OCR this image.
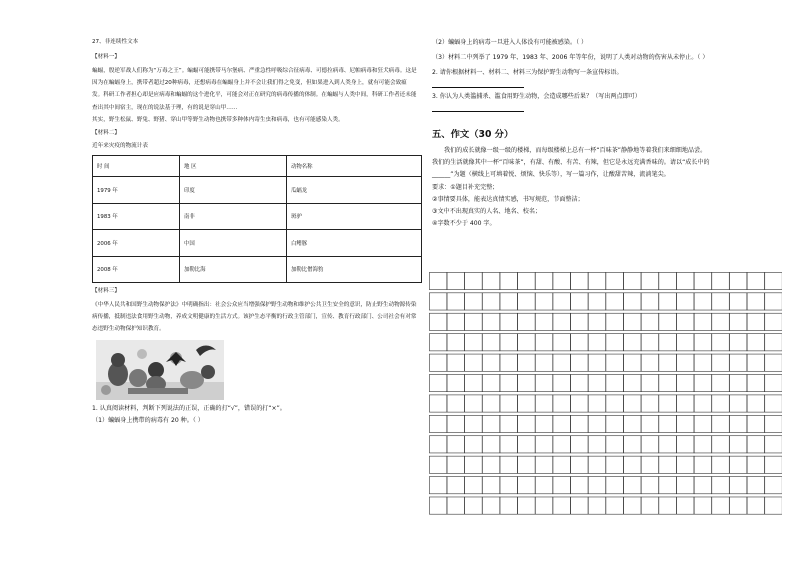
27、非连续性文本
【材料一】
蝙蝠，殷逆军战人们称为“万毒之王”。蝙蝠可能携带马尔堡病、严重急性呼吸综合征病毒、可德拉病毒、尼帕病毒和狂犬病毒。这是因为在蝙蝠身上，携带者超过20种病毒，还想病毒在蝙蝠身上并不会让我们得之免变，但如果进入到人类身上，就有可能会致瘟发。科研工作者担心却是应病毒和蝙蝠的这个进化平，可能会对正在研究的病毒传播的体制。在蝙蝠与人类中间，科研工作者还未能查出其中间宿主，现在的说法基于理，有的说是穿山甲……
其实，野生松鼠、野兔、野猪、穿山甲等野生动物也携带多种体内寄生虫和病毒，也有可能感染人类。
【材料二】
近年来灾疫的物流计表
时 间	地 区	动物名称
1979 年	印度	瓜蝠龙
1983 年	南非	斑驴
2006 年	中国	白鳍豚
2008 年	加勒比海	加勒比僧海豹
【材料三】
《中华人民共和国野生动物保护法》中明确指出：社会公众应当增强保护野生动物和维护公共卫生安全的意识，防止野生动物源传染病传播，抵制违法食用野生动物，养成文明健康的生活方式。该护生态平衡的行政主管部门，宣传、教育行政部门、公司社会有对常态违野生动物保护知识教育。
1. 认真阅读材料，判断下列说法的正误，正确的打“√”，错误的打“×”。
（1）蝙蝠身上携带的病毒有 20 种。（ ）
（2）蝙蝠身上的病毒一旦进入人体没有可能被感染。（ ）
（3）材料二中列举了 1979 年、1983 年、2006 年等年份，说明了人类对动物的伤害从未停止。（ ）
2. 请你根据材料一、材料二、材料三为保护野生动物写一条宣传标语。
3. 你认为人类滥捕杀、滥食用野生动物，会造成哪些后果？（写出两点即可）
五、作文（30 分）
我们的成长就像一级一级的楼梯，而每级楼梯上总有一杯“百味茶”静静地等着我们来细细地品尝。
我们的生活就像其中一杯“百味茶”，有甜、有酸、有苦、有辣，但它是永远充满香味的。请以“成长中的
______”为题（横线上可填着悦、烦恼、快乐等），写一篇习作，让酸甜苦辣，流淌笔尖。
要求：①题目补充完整；
②事情要具体，能表达真情实感，书写规范，节面整洁；
③文中不出现真实的人名、地名、校名；
④字数不少于 400 字。
